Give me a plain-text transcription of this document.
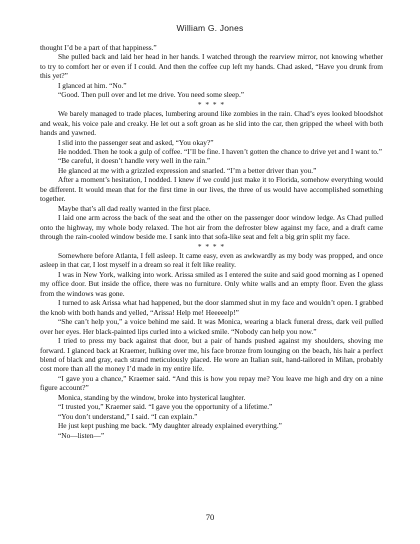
William G. Jones

thought I’d be a part of that happiness.”

She pulled back and laid her head in her hands. I watched through the rearview mirror, not knowing whether to try to comfort her or even if I could. And then the coffee cup left my hands. Chad asked, “Have you drunk from this yet?”

I glanced at him. “No.”

“Good. Then pull over and let me drive. You need some sleep.”

* * * *

We barely managed to trade places, lumbering around like zombies in the rain. Chad’s eyes looked bloodshot and weak, his voice pale and creaky. He let out a soft groan as he slid into the car, then gripped the wheel with both hands and yawned.

I slid into the passenger seat and asked, “You okay?”

He nodded. Then he took a gulp of coffee. “I’ll be fine. I haven’t gotten the chance to drive yet and I want to.”

“Be careful, it doesn’t handle very well in the rain.”

He glanced at me with a grizzled expression and snarled. “I’m a better driver than you.”

After a moment’s hesitation, I nodded. I knew if we could just make it to Florida, somehow everything would be different. It would mean that for the first time in our lives, the three of us would have accomplished something together.

Maybe that’s all dad really wanted in the first place.

I laid one arm across the back of the seat and the other on the passenger door window ledge. As Chad pulled onto the highway, my whole body relaxed. The hot air from the defroster blew against my face, and a draft came through the rain-cooled window beside me. I sank into that sofa-like seat and felt a big grin split my face.

* * * *

Somewhere before Atlanta, I fell asleep. It came easy, even as awkwardly as my body was propped, and once asleep in that car, I lost myself in a dream so real it felt like reality.

I was in New York, walking into work. Arissa smiled as I entered the suite and said good morning as I opened my office door. But inside the office, there was no furniture. Only white walls and an empty floor. Even the glass from the windows was gone.

I turned to ask Arissa what had happened, but the door slammed shut in my face and wouldn’t open. I grabbed the knob with both hands and yelled, “Arissa! Help me! Heeeeelp!”

“She can’t help you,” a voice behind me said. It was Monica, wearing a black funeral dress, dark veil pulled over her eyes. Her black-painted lips curled into a wicked smile. “Nobody can help you now.”

I tried to press my back against that door, but a pair of hands pushed against my shoulders, shoving me forward. I glanced back at Kraemer, hulking over me, his face bronze from lounging on the beach, his hair a perfect blend of black and gray, each strand meticulously placed. He wore an Italian suit, hand-tailored in Milan, probably cost more than all the money I’d made in my entire life.

“I gave you a chance,” Kraemer said. “And this is how you repay me? You leave me high and dry on a nine figure account?”

Monica, standing by the window, broke into hysterical laughter.

“I trusted you,” Kraemer said. “I gave you the opportunity of a lifetime.”

“You don’t understand,” I said. “I can explain.”

He just kept pushing me back. “My daughter already explained everything.”

“No—listen—”

70
